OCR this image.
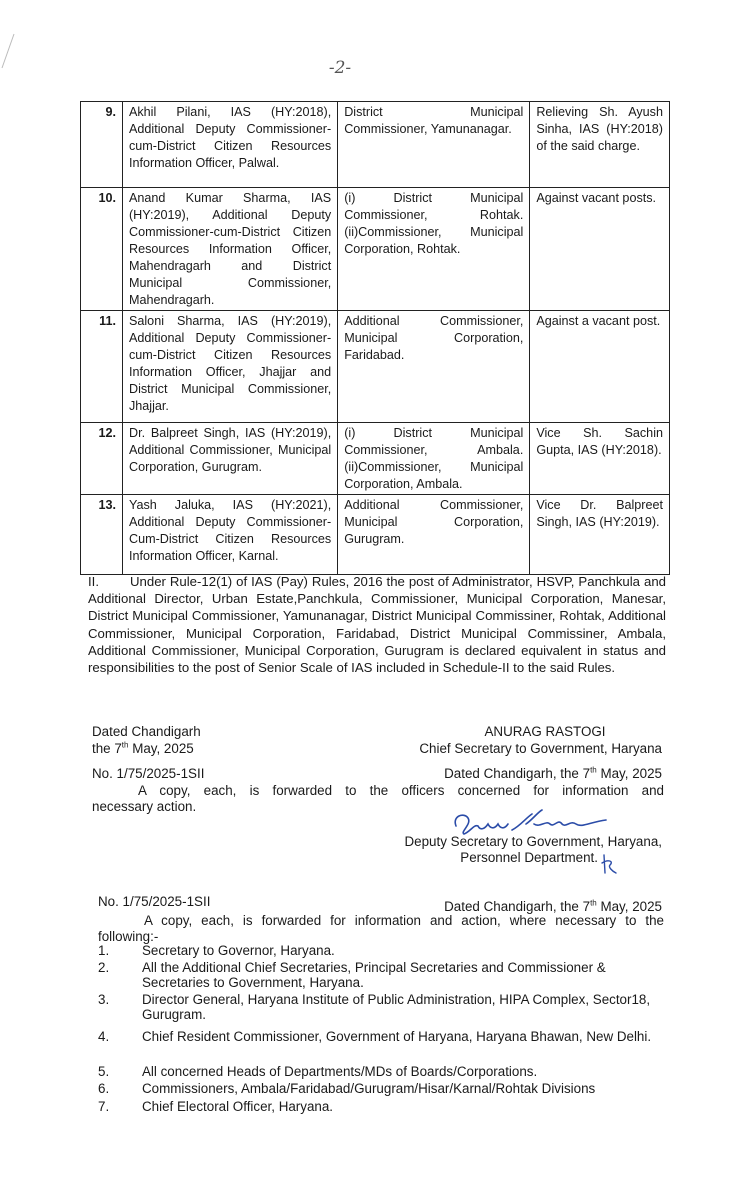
-2-
9.	Akhil Pilani, IAS (HY:2018), Additional Deputy Commissioner-cum-District Citizen Resources Information Officer, Palwal.	District Municipal Commissioner, Yamunanagar.	Relieving Sh. Ayush Sinha, IAS (HY:2018) of the said charge.
10.	Anand Kumar Sharma, IAS (HY:2019), Additional Deputy Commissioner-cum-District Citizen Resources Information Officer, Mahendragarh and District Municipal Commissioner, Mahendragarh.	(i) District Municipal Commissioner, Rohtak. (ii)Commissioner, Municipal Corporation, Rohtak.	Against vacant posts.
11.	Saloni Sharma, IAS (HY:2019), Additional Deputy Commissioner-cum-District Citizen Resources Information Officer, Jhajjar and District Municipal Commissioner, Jhajjar.	Additional Commissioner, Municipal Corporation, Faridabad.	Against a vacant post.
12.	Dr. Balpreet Singh, IAS (HY:2019), Additional Commissioner, Municipal Corporation, Gurugram.	(i) District Municipal Commissioner, Ambala. (ii)Commissioner, Municipal Corporation, Ambala.	Vice Sh. Sachin Gupta, IAS (HY:2018).
13.	Yash Jaluka, IAS (HY:2021), Additional Deputy Commissioner-Cum-District Citizen Resources Information Officer, Karnal.	Additional Commissioner, Municipal Corporation, Gurugram.	Vice Dr. Balpreet Singh, IAS (HY:2019).
II. Under Rule-12(1) of IAS (Pay) Rules, 2016 the post of Administrator, HSVP, Panchkula and Additional Director, Urban Estate,Panchkula, Commissioner, Municipal Corporation, Manesar, District Municipal Commissioner, Yamunanagar, District Municipal Commissiner, Rohtak, Additional Commissioner, Municipal Corporation, Faridabad, District Municipal Commissiner, Ambala, Additional Commissioner, Municipal Corporation, Gurugram is declared equivalent in status and responsibilities to the post of Senior Scale of IAS included in Schedule-II to the said Rules.
Dated Chandigarh
the 7th May, 2025
ANURAG RASTOGI
Chief Secretary to Government, Haryana
No. 1/75/2025-1SII	Dated Chandigarh, the 7th May, 2025
A copy, each, is forwarded to the officers concerned for information and
necessary action.
Deputy Secretary to Government, Haryana,
Personnel Department.
No. 1/75/2025-1SII	Dated Chandigarh, the 7th May, 2025
A copy, each, is forwarded for information and action, where necessary to the
following:-
1.	Secretary to Governor, Haryana.
2.	All the Additional Chief Secretaries, Principal Secretaries and Commissioner & Secretaries to Government, Haryana.
3.	Director General, Haryana Institute of Public Administration, HIPA Complex, Sector18, Gurugram.
4.	Chief Resident Commissioner, Government of Haryana, Haryana Bhawan, New Delhi.
5.	All concerned Heads of Departments/MDs of Boards/Corporations.
6.	Commissioners, Ambala/Faridabad/Gurugram/Hisar/Karnal/Rohtak Divisions
7.	Chief Electoral Officer, Haryana.
